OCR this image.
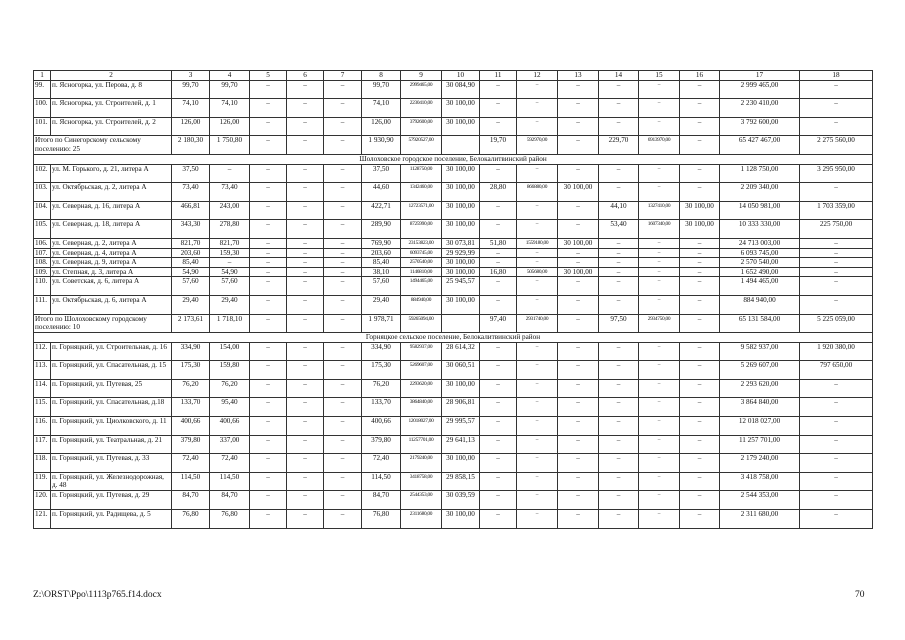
1	2	3	4	5	6	7	8	9	10	11	12	13	14	15	16	17	18
99.	п. Ясногорка, ул. Перова, д. 8	99,70	99,70	–	–	–	99,70	2999465,00	30 084,90	–	–	–	–	–	–	2 999 465,00	–
100.	п. Ясногорка, ул. Строителей, д. 1	74,10	74,10	–	–	–	74,10	2230410,00	30 100,00	–	–	–	–	–	–	2 230 410,00	–
101.	п. Ясногорка, ул. Строителей, д. 2	126,00	126,00	–	–	–	126,00	3792600,00	30 100,00	–	–	–	–	–	–	3 792 600,00	–
Итого по Синегорскому сельскому поселению: 25		2 180,30	1 750,80	–	–	–	1 930,90	57920527,00		19,70	592970,00	–	229,70	6913970,00	–	65 427 467,00	2 275 560,00
Шолоховское городское поселение, Белокалитвинский район																	
102.	ул. М. Горького, д. 21, литера А	37,50	–	–	–	–	37,50	1128750,00	30 100,00	–	–	–	–	–	–	1 128 750,00	3 295 950,00
103.	ул. Октябрьская, д. 2, литера А	73,40	73,40	–	–	–	44,60	1342460,00	30 100,00	28,80	866880,00	30 100,00	–	–	–	2 209 340,00	–
104.	ул. Северная, д. 16, литера А	466,81	243,00	–	–	–	422,71	12723571,00	30 100,00	–	–	–	44,10	1327410,00	30 100,00	14 050 981,00	1 703 359,00
105.	ул. Северная, д. 18, литера А	343,30	278,80	–	–	–	289,90	8725990,00	30 100,00	–	–	–	53,40	1607340,00	30 100,00	10 333 330,00	225 750,00
106.	ул. Северная, д. 2, литера А	821,70	821,70	–	–	–	769,90	23153823,00	30 073,81	51,80	1559180,00	30 100,00	–	–	–	24 713 003,00	–
107.	ул. Северная, д. 4, литера А	203,60	159,30	–	–	–	203,60	6093745,00	29 929,99	–	–	–	–	–	–	6 093 745,00	–
108.	ул. Северная, д. 9, литера А	85,40	–	–	–	–	85,40	2570540,00	30 100,00	–	–	–	–	–	–	2 570 540,00	–
109.	ул. Степная, д. 3, литера А	54,90	54,90	–	–	–	38,10	1146810,00	30 100,00	16,80	505680,00	30 100,00	–	–	–	1 652 490,00	–
110.	ул. Советская, д. 6, литера А	57,60	57,60	–	–	–	57,60	1494465,00	25 945,57	–	–	–	–	–	–	1 494 465,00	–
111.	ул. Октябрьская, д. 6, литера А	29,40	29,40	–	–	–	29,40	884940,00	30 100,00	–	–	–	–	–	–	884 940,00	–
Итого по Шолоховскому городскому поселению: 10		2 173,61	1 718,10	–	–	–	1 978,71	59265094,00		97,40	2931740,00	–	97,50	2934750,00	–	65 131 584,00	5 225 059,00
Горняцкое сельское поселение, Белокалитвинский район																	
112.	п. Горняцкий, ул. Строительная, д. 16	334,90	154,00	–	–	–	334,90	9582937,00	28 614,32	–	–	–	–	–	–	9 582 937,00	1 920 380,00
113.	п. Горняцкий, ул. Спасательная, д. 15	175,30	159,80	–	–	–	175,30	5269607,00	30 060,51	–	–	–	–	–	–	5 269 607,00	797 650,00
114.	п. Горняцкий, ул. Путевая, 25	76,20	76,20	–	–	–	76,20	2293620,00	30 100,00	–	–	–	–	–	–	2 293 620,00	–
115.	п. Горняцкий, ул. Спасательная, д.18	133,70	95,40	–	–	–	133,70	3864840,00	28 906,81	–	–	–	–	–	–	3 864 840,00	–
116.	п. Горняцкий, ул. Циолковского, д. 11	400,66	400,66	–	–	–	400,66	12018027,00	29 995,57	–	–	–	–	–	–	12 018 027,00	–
117.	п. Горняцкий, ул. Театральная, д. 21	379,80	337,00	–	–	–	379,80	11257701,00	29 641,13	–	–	–	–	–	–	11 257 701,00	–
118.	п. Горняцкий, ул. Путевая, д. 33	72,40	72,40	–	–	–	72,40	2179240,00	30 100,00	–	–	–	–	–	–	2 179 240,00	–
119.	п. Горняцкий, ул. Железнодорожная, д. 48	114,50	114,50	–	–	–	114,50	3418758,00	29 858,15	–	–	–	–	–	–	3 418 758,00	–
120.	п. Горняцкий, ул. Путевая, д. 29	84,70	84,70	–	–	–	84,70	2544353,00	30 039,59	–	–	–	–	–	–	2 544 353,00	–
121.	п. Горняцкий, ул. Радищева, д. 5	76,80	76,80	–	–	–	76,80	2311680,00	30 100,00	–	–	–	–	–	–	2 311 680,00	–
Z:\ORST\Ppo\1113p765.f14.docx	70
